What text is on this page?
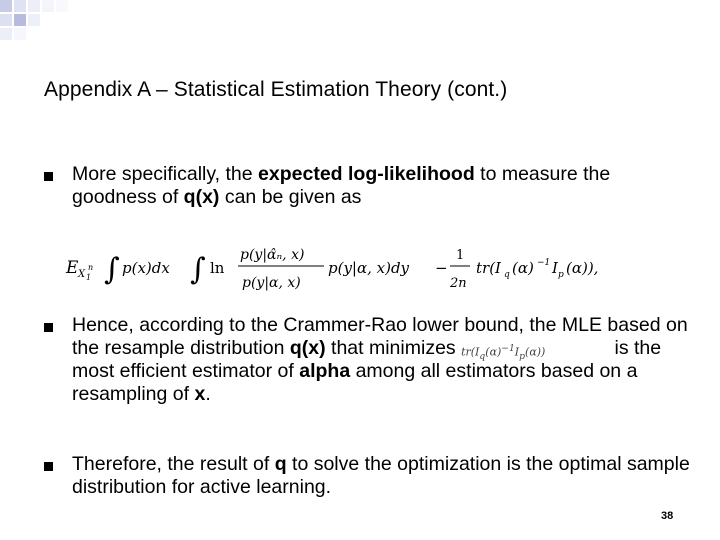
Appendix A – Statistical Estimation Theory (cont.)
More specifically, the expected log-likelihood to measure the goodness of q(x) can be given as
E X 1
n ∫ p(x)dx ∫ ln
p(y|α̂ₙ, x)
p(y|α, x)
p(y|α, x)dy −
1
2n
tr(I q (α) −1 I p (α)),
Hence, according to the Crammer-Rao lower bound, the MLE based on the resample distribution q(x) that minimizes $tr(I_q(\alpha)^{-1}I_p(\alpha))$	is the most efficient estimator of alpha among all estimators based on a resampling of x.
Therefore, the result of q to solve the optimization is the optimal sample distribution for active learning.
38
